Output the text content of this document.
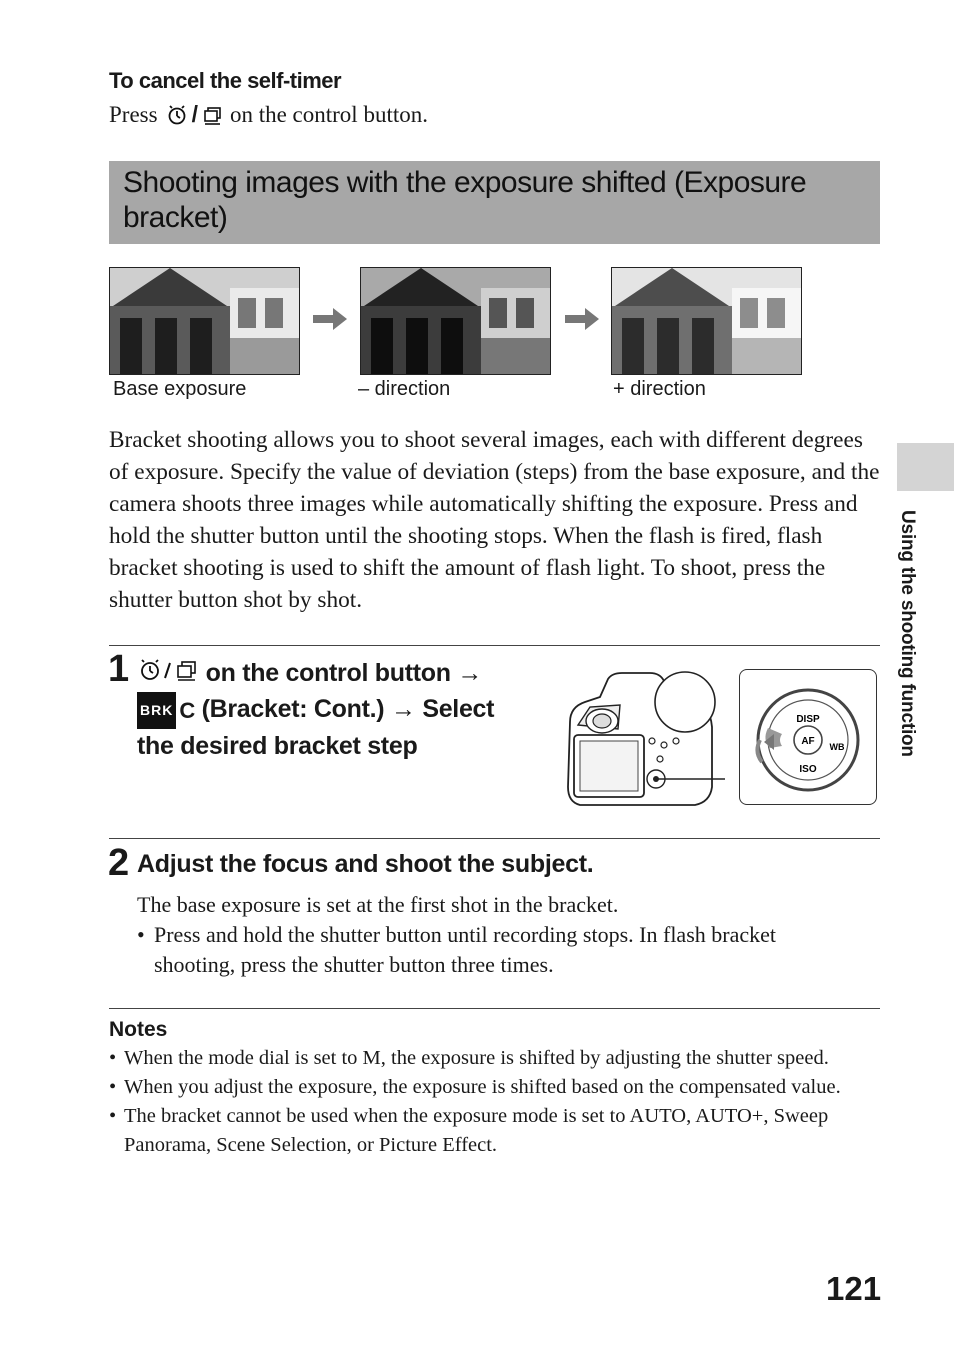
To cancel the self-timer
Press / on the control button.
Shooting images with the exposure shifted (Exposure bracket)
Base exposure	– direction	+ direction
Bracket shooting allows you to shoot several images, each with different degrees of exposure. Specify the value of deviation (steps) from the base exposure, and the camera shoots three images while automatically shifting the exposure. Press and hold the shutter button until the shooting stops. When the flash is fired, flash bracket shooting is used to shift the amount of flash light. To shoot, press the shutter button shot by shot.
1	on the control button →

BRK C (Bracket: Cont.) → Select the desired bracket step
DISP
AF WB
ISO
2 Adjust the focus and shoot the subject.
The base exposure is set at the first shot in the bracket.
• Press and hold the shutter button until recording stops. In flash bracket shooting, press the shutter button three times.
Notes
• When the mode dial is set to M, the exposure is shifted by adjusting the shutter speed.
• When you adjust the exposure, the exposure is shifted based on the compensated value.
• The bracket cannot be used when the exposure mode is set to AUTO, AUTO+, Sweep Panorama, Scene Selection, or Picture Effect.
Using the shooting function
121
